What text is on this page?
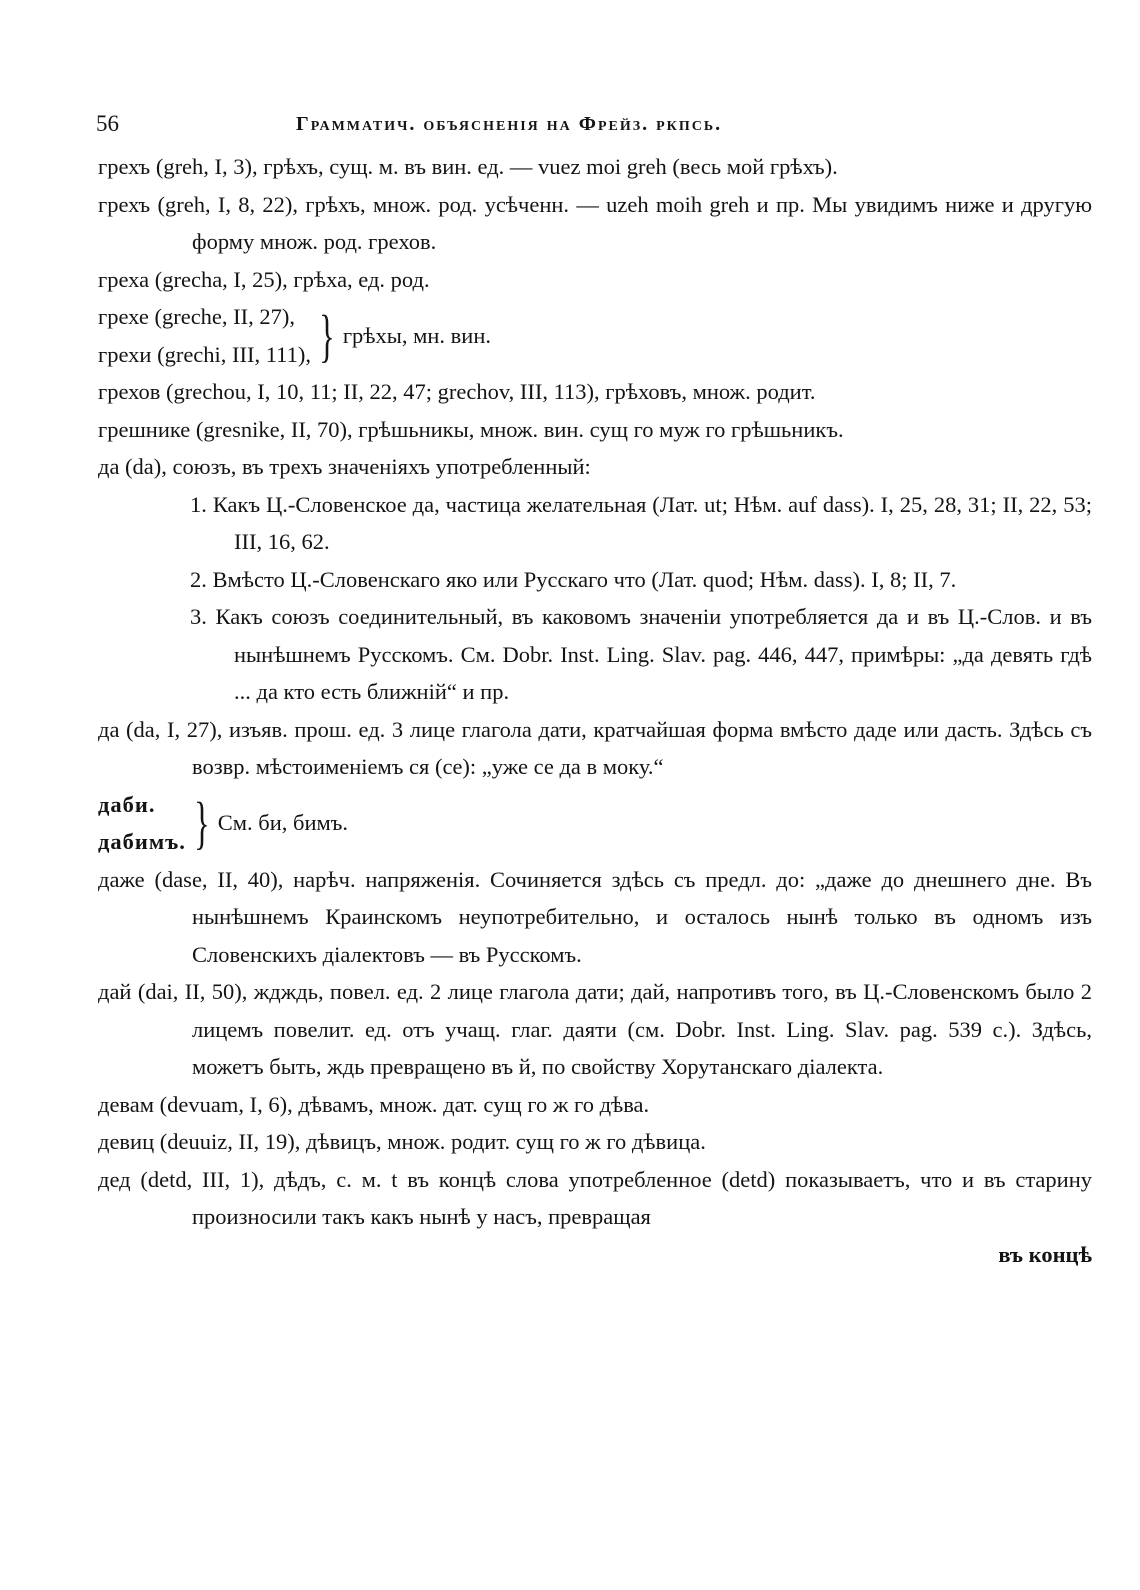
56	Грамматич. объясненія на Фрейз. ркпсь.

грехъ (greh, I, 3), грѣхъ, сущ. м. въ вин. ед. — vuez moi greh (весь мой грѣхъ).

грехъ (greh, I, 8, 22), грѣхъ, множ. род. усѣченн. — uzeh moih greh и пр. Мы увидимъ ниже и другую форму множ. род. грехов.

греха (grecha, I, 25), грѣха, ед. род.

грехе (greche, II, 27),
грехи (grechi, III, 111), } грѣхы, мн. вин.

грехов (grechou, I, 10, 11; II, 22, 47; grechov, III, 113), грѣховъ, множ. родит.

грешнике (gresnike, II, 70), грѣшьникы, множ. вин. сущ го муж го грѣшьникъ.

да (da), союзъ, въ трехъ значеніяхъ употребленный:

1. Какъ Ц.-Словенское да, частица желательная (Лат. ut; Нѣм. auf dass). I, 25, 28, 31; II, 22, 53; III, 16, 62.

2. Вмѣсто Ц.-Словенскаго яко или Русскаго что (Лат. quod; Нѣм. dass). I, 8; II, 7.

3. Какъ союзъ соединительный, въ каковомъ значеніи употребляется да и въ Ц.-Слов. и въ нынѣшнемъ Русскомъ. См. Dobr. Inst. Ling. Slav. pag. 446, 447, примѣры: „да девять гдѣ ... да кто есть ближній“ и пр.

да (da, I, 27), изъяв. прош. ед. 3 лице глагола дати, кратчайшая форма вмѣсто даде или дасть. Здѣсь съ возвр. мѣстоименіемъ ся (ce): „уже се да в моку.“

даби.
дабимъ. } См. би, бимъ.

даже (dase, II, 40), нарѣч. напряженія. Сочиняется здѣсь съ предл. до: „даже до днешнего дне. Въ нынѣшнемъ Краинскомъ неупотребительно, и осталось нынѣ только въ одномъ изъ Словенскихъ діалектовъ — въ Русскомъ.

дай (dai, II, 50), ждждь, повел. ед. 2 лице глагола дати; дай, напротивъ того, въ Ц.-Словенскомъ было 2 лицемъ повелит. ед. отъ учащ. глаг. даяти (см. Dobr. Inst. Ling. Slav. pag. 539 с.). Здѣсь, можетъ быть, ждь превращено въ й, по свойству Хорутанскаго діалекта.

девам (devuam, I, 6), дѣвамъ, множ. дат. сущ го ж го дѣва.

девиц (deuuiz, II, 19), дѣвицъ, множ. родит. сущ го ж го дѣвица.

дед (detd, III, 1), дѣдъ, с. м. t въ концѣ слова употребленное (detd) показываетъ, что и въ старину произносили такъ какъ нынѣ у насъ, превращая

въ концѣ
